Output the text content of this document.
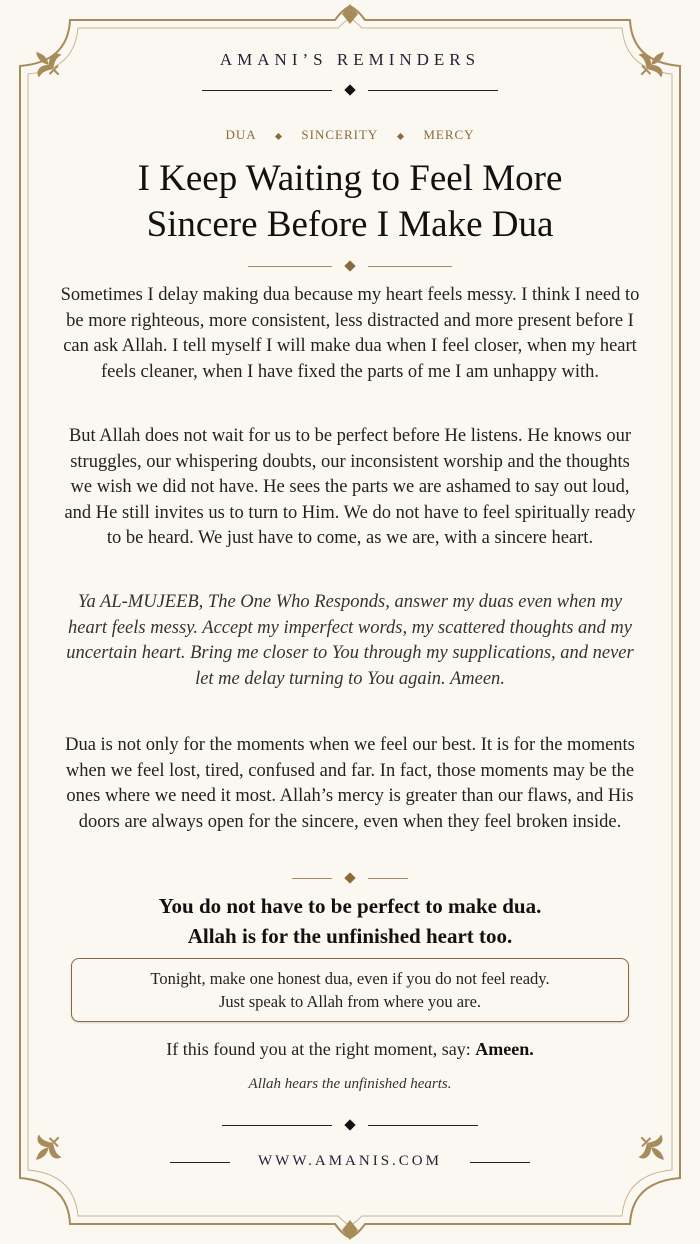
AMANI’S REMINDERS
DUA	SINCERITY	MERCY
I Keep Waiting to Feel More
Sincere Before I Make Dua

Sometimes I delay making dua because my heart feels messy. I think I need to be more righteous, more consistent, less distracted and more present before I can ask Allah. I tell myself I will make dua when I feel closer, when my heart feels cleaner, when I have fixed the parts of me I am unhappy with.

But Allah does not wait for us to be perfect before He listens. He knows our struggles, our whispering doubts, our inconsistent worship and the thoughts we wish we did not have. He sees the parts we are ashamed to say out loud, and He still invites us to turn to Him. We do not have to feel spiritually ready to be heard. We just have to come, as we are, with a sincere heart.

Ya AL-MUJEEB, The One Who Responds, answer my duas even when my heart feels messy. Accept my imperfect words, my scattered thoughts and my uncertain heart. Bring me closer to You through my supplications, and never let me delay turning to You again. Ameen.

Dua is not only for the moments when we feel our best. It is for the moments when we feel lost, tired, confused and far. In fact, those moments may be the ones where we need it most. Allah’s mercy is greater than our flaws, and His doors are always open for the sincere, even when they feel broken inside.

You do not have to be perfect to make dua.
Allah is for the unfinished heart too.

Tonight, make one honest dua, even if you do not feel ready.
Just speak to Allah from where you are.
If this found you at the right moment, say: Ameen.
Allah hears the unfinished hearts.
WWW.AMANIS.COM
